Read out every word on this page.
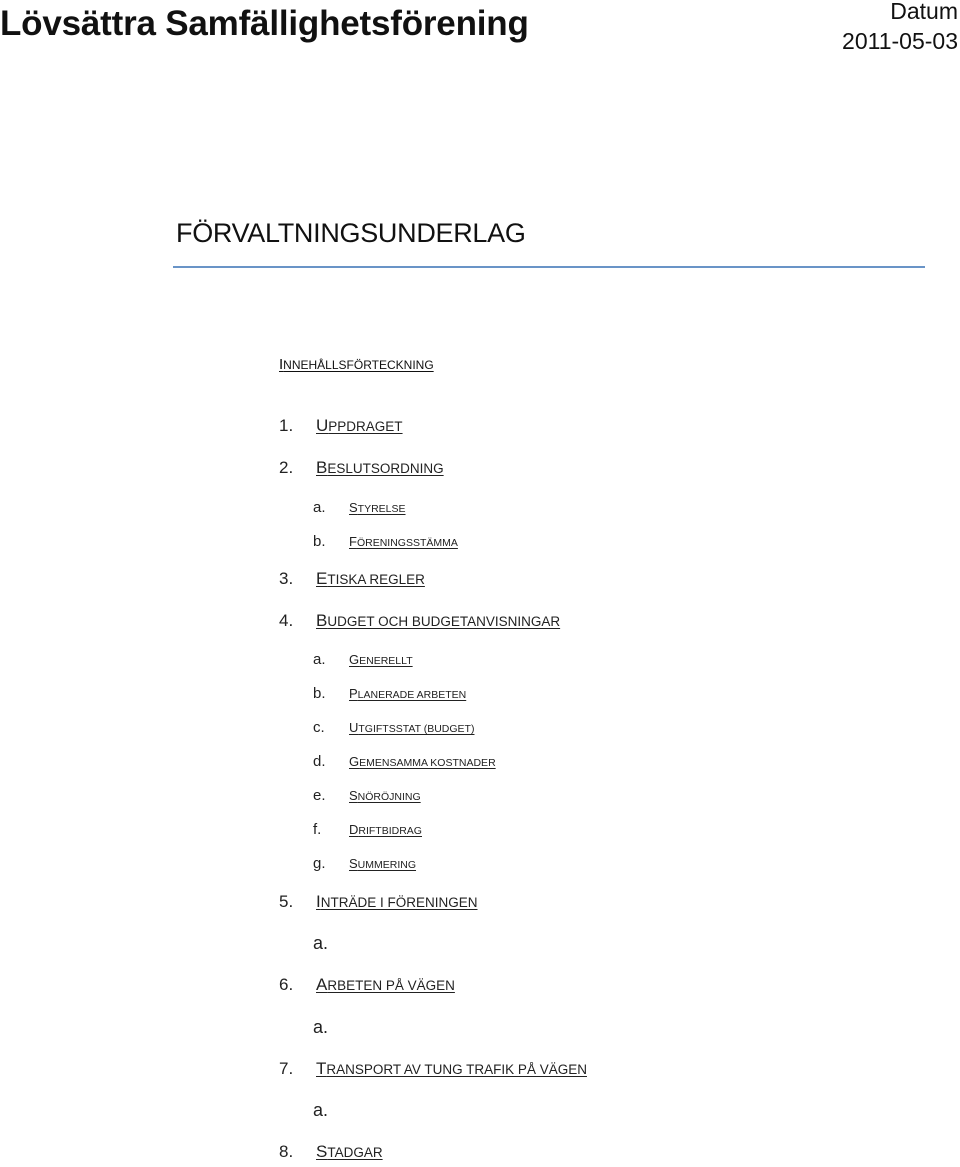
Lövsättra Samfällighetsförening	Datum
2011-05-03
FÖRVALTNINGSUNDERLAG
INNEHÅLLSFÖRTECKNING
1. UPPDRAGET
2. BESLUTSORDNING
a. STYRELSE
b. FÖRENINGSSTÄMMA
3. ETISKA REGLER
4. BUDGET OCH BUDGETANVISNINGAR
a. GENERELLT
b. PLANERADE ARBETEN
c. UTGIFTSSTAT (BUDGET)
d. GEMENSAMMA KOSTNADER
e. SNÖRÖJNING
f. DRIFTBIDRAG
g. SUMMERING
5. INTRÄDE I FÖRENINGEN
a.
6. ARBETEN PÅ VÄGEN
a.
7. TRANSPORT AV TUNG TRAFIK PÅ VÄGEN
a.
8. STADGAR
